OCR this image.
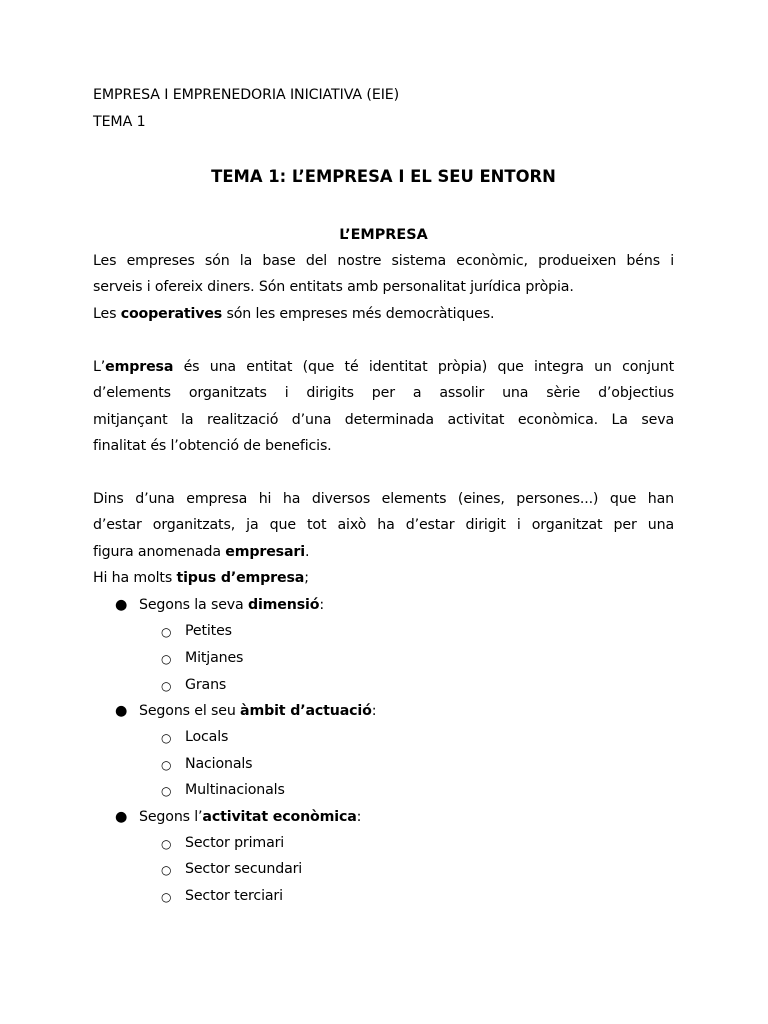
EMPRESA I EMPRENEDORIA INICIATIVA (EIE)
TEMA 1
TEMA 1: L’EMPRESA I EL SEU ENTORN
L’EMPRESA
Les empreses són la base del nostre sistema econòmic, produeixen béns i
serveis i ofereix diners. Són entitats amb personalitat jurídica pròpia.
Les cooperatives són les empreses més democràtiques.
L’empresa és una entitat (que té identitat pròpia) que integra un conjunt
d’elements organitzats i dirigits per a assolir una sèrie d’objectius
mitjançant la realització d’una determinada activitat econòmica. La seva
finalitat és l’obtenció de beneficis.
Dins d’una empresa hi ha diversos elements (eines, persones...) que han
d’estar organitzats, ja que tot això ha d’estar dirigit i organitzat per una
figura anomenada empresari.
Hi ha molts tipus d’empresa;
● Segons la seva dimensió:
○ Petites
○ Mitjanes
○ Grans
● Segons el seu àmbit d’actuació:
○ Locals
○ Nacionals
○ Multinacionals
● Segons l’activitat econòmica:
○ Sector primari
○ Sector secundari
○ Sector terciari
